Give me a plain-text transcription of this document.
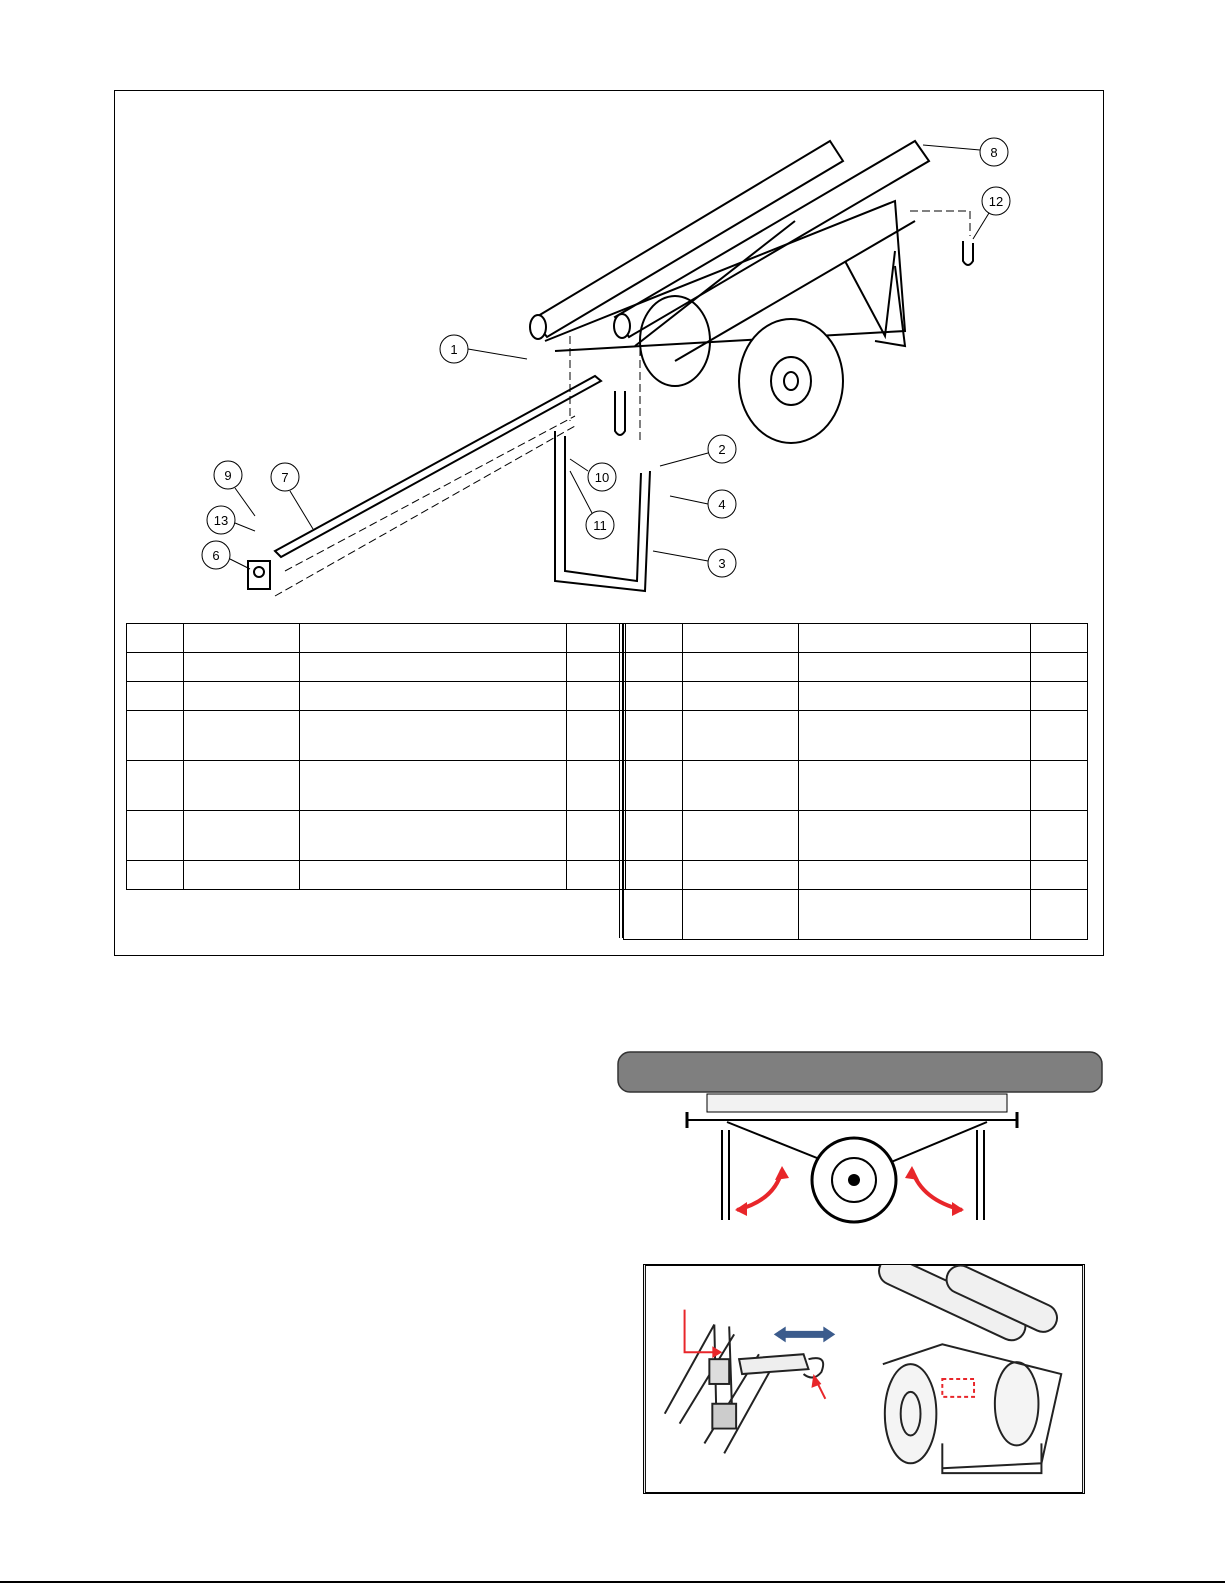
1
2
3
4
6
7
8
9	10
11
12
13
